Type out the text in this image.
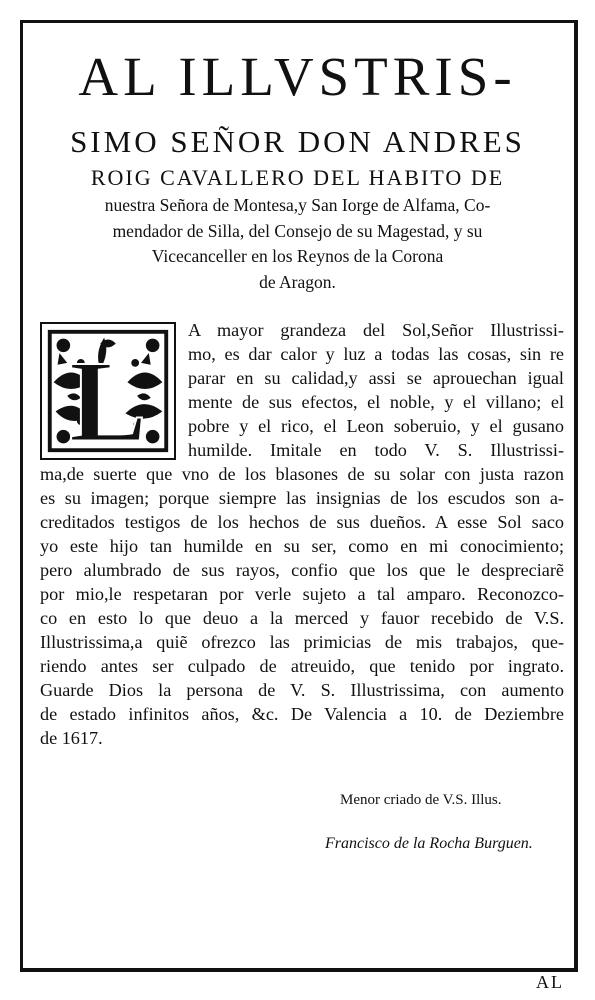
AL ILLVSTRIS-
SIMO SEÑOR DON ANDRES
ROIG CAVALLERO DEL HABITO DE
nuestra Señora de Montesa,y San Iorge de Alfama, Co-
mendador de Silla, del Consejo de su Magestad, y su
Vicecanceller en los Reynos de la Corona
de Aragon.
L
A mayor grandeza del Sol,Señor Illustrissi-
mo, es dar calor y luz a todas las cosas, sin re
parar en su calidad,y assi se aprouechan igual
mente de sus efectos, el noble, y el villano; el
pobre y el rico, el Leon soberuio, y el gusano
humilde. Imitale en todo V. S. Illustrissi-
ma,de suerte que vno de los blasones de su solar con justa razon
es su imagen; porque siempre las insignias de los escudos son a-
creditados testigos de los hechos de sus dueños. A esse Sol saco
yo este hijo tan humilde en su ser, como en mi conocimiento;
pero alumbrado de sus rayos, confio que los que le despreciarẽ
por mio,le respetaran por verle sujeto a tal amparo. Reconozco-
co en esto lo que deuo a la merced y fauor recebido de V.S.
Illustrissima,a quiẽ ofrezco las primicias de mis trabajos, que-
riendo antes ser culpado de atreuido, que tenido por ingrato.
Guarde Dios la persona de V. S. Illustrissima, con aumento
de estado infinitos años, &c. De Valencia a 10. de Deziembre
de 1617.

Menor criado de V.S. Illus.

Francisco de la Rocha Burguen.

AL
